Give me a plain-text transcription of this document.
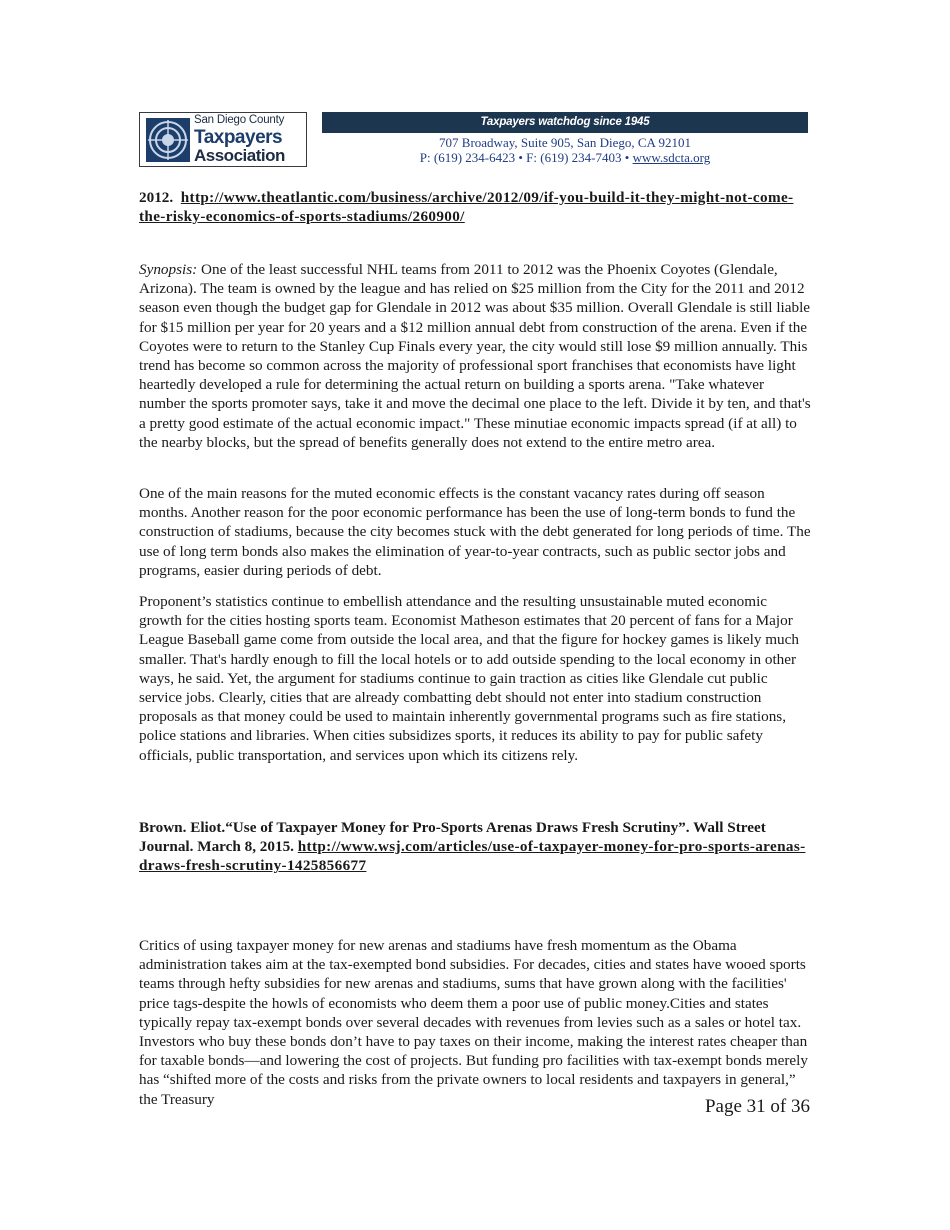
San Diego County
Taxpayers
Association
Taxpayers watchdog since 1945
707 Broadway, Suite 905, San Diego, CA 92101
P: (619) 234-6423 • F: (619) 234-7403 • www.sdcta.org
2012. http://www.theatlantic.com/business/archive/2012/09/if-you-build-it-they-might-not-come-the-risky-economics-of-sports-stadiums/260900/

Synopsis: One of the least successful NHL teams from 2011 to 2012 was the Phoenix Coyotes (Glendale, Arizona). The team is owned by the league and has relied on $25 million from the City for the 2011 and 2012 season even though the budget gap for Glendale in 2012 was about $35 million. Overall Glendale is still liable for $15 million per year for 20 years and a $12 million annual debt from construction of the arena. Even if the Coyotes were to return to the Stanley Cup Finals every year, the city would still lose $9 million annually. This trend has become so common across the majority of professional sport franchises that economists have light heartedly developed a rule for determining the actual return on building a sports arena. "Take whatever number the sports promoter says, take it and move the decimal one place to the left. Divide it by ten, and that's a pretty good estimate of the actual economic impact." These minutiae economic impacts spread (if at all) to the nearby blocks, but the spread of benefits generally does not extend to the entire metro area.

One of the main reasons for the muted economic effects is the constant vacancy rates during off season months. Another reason for the poor economic performance has been the use of long-term bonds to fund the construction of stadiums, because the city becomes stuck with the debt generated for long periods of time. The use of long term bonds also makes the elimination of year-to-year contracts, such as public sector jobs and programs, easier during periods of debt.

Proponent’s statistics continue to embellish attendance and the resulting unsustainable muted economic growth for the cities hosting sports team. Economist Matheson estimates that 20 percent of fans for a Major League Baseball game come from outside the local area, and that the figure for hockey games is likely much smaller. That's hardly enough to fill the local hotels or to add outside spending to the local economy in other ways, he said. Yet, the argument for stadiums continue to gain traction as cities like Glendale cut public service jobs. Clearly, cities that are already combatting debt should not enter into stadium construction proposals as that money could be used to maintain inherently governmental programs such as fire stations, police stations and libraries. When cities subsidizes sports, it reduces its ability to pay for public safety officials, public transportation, and services upon which its citizens rely.

Brown. Eliot.“Use of Taxpayer Money for Pro-Sports Arenas Draws Fresh Scrutiny”. Wall Street Journal. March 8, 2015. http://www.wsj.com/articles/use-of-taxpayer-money-for-pro-sports-arenas-draws-fresh-scrutiny-1425856677

Critics of using taxpayer money for new arenas and stadiums have fresh momentum as the Obama administration takes aim at the tax-exempted bond subsidies. For decades, cities and states have wooed sports teams through hefty subsidies for new arenas and stadiums, sums that have grown along with the facilities' price tags-despite the howls of economists who deem them a poor use of public money.Cities and states typically repay tax-exempt bonds over several decades with revenues from levies such as a sales or hotel tax. Investors who buy these bonds don’t have to pay taxes on their income, making the interest rates cheaper than for taxable bonds—and lowering the cost of projects. But funding pro facilities with tax-exempt bonds merely has “shifted more of the costs and risks from the private owners to local residents and taxpayers in general,” the Treasury	Page 31 of 36
